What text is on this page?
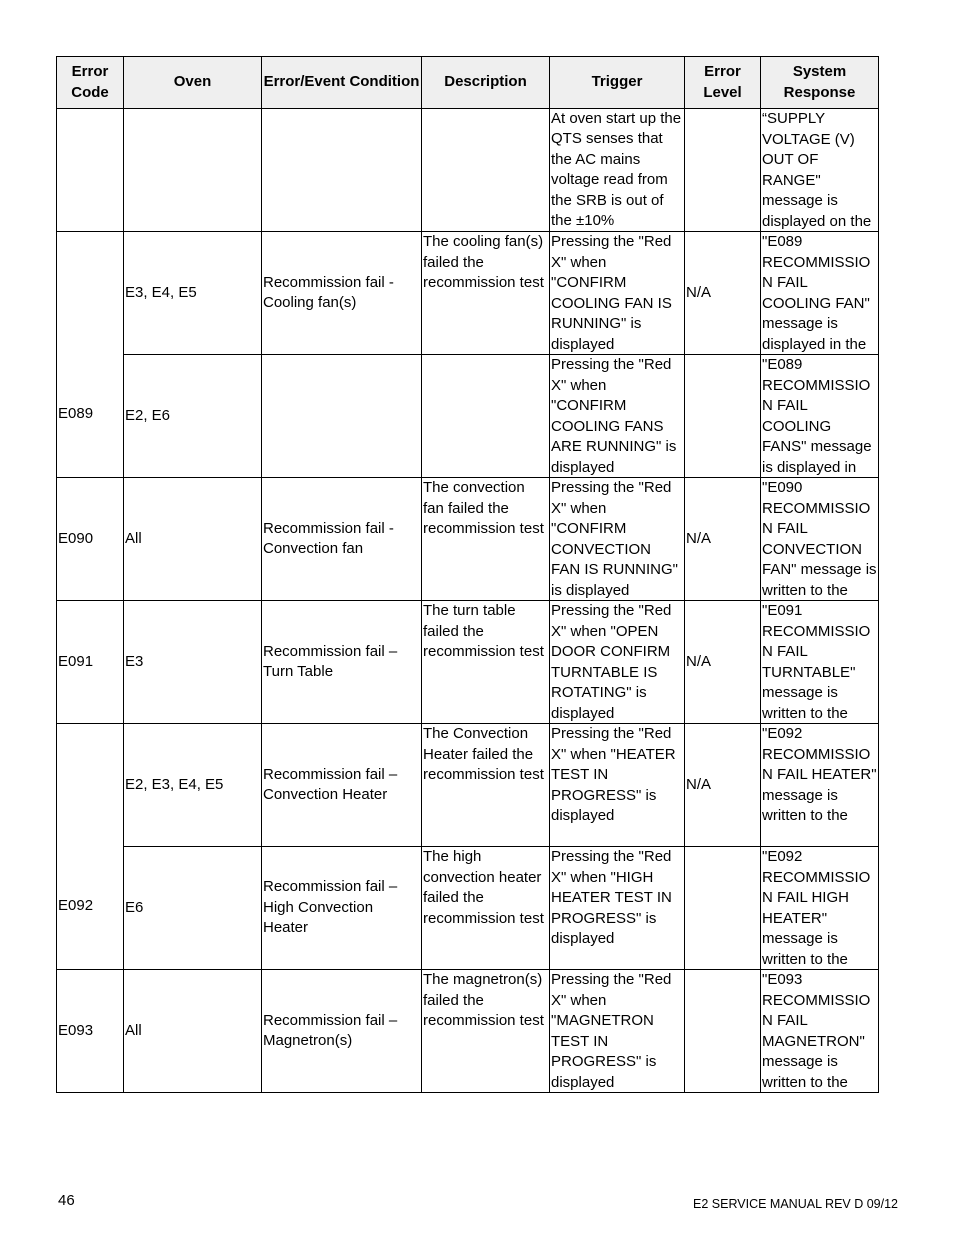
Error Code	Oven	Error/Event Condition	Description	Trigger	Error Level	System Response

At oven start up the QTS senses that the AC mains voltage read from the SRB is out of the ±10%		“SUPPLY VOLTAGE (V) OUT OF RANGE" message is displayed on the

E089	E3, E4, E5	Recommission fail - Cooling fan(s)	The cooling fan(s) failed the recommission test	Pressing the "Red X" when "CONFIRM COOLING FAN IS RUNNING" is displayed	N/A	"E089 RECOMMISSIO N FAIL COOLING FAN" message is displayed in the

E2, E6			Pressing the "Red X" when "CONFIRM COOLING FANS ARE RUNNING" is displayed		"E089 RECOMMISSIO N FAIL COOLING FANS" message is displayed in

E090	All	Recommission fail - Convection fan	The convection fan failed the recommission test	Pressing the "Red X" when "CONFIRM CONVECTION FAN IS RUNNING" is displayed	N/A	"E090 RECOMMISSIO N FAIL CONVECTION FAN" message is written to the

E091	E3	Recommission fail – Turn Table	The turn table failed the recommission test	Pressing the "Red X" when "OPEN DOOR CONFIRM TURNTABLE IS ROTATING" is displayed	N/A	"E091 RECOMMISSIO N FAIL TURNTABLE" message is written to the

E092	E2, E3, E4, E5	Recommission fail – Convection Heater	The Convection Heater failed the recommission test	Pressing the "Red X" when "HEATER TEST IN PROGRESS" is displayed	N/A	"E092 RECOMMISSIO N FAIL HEATER" message is written to the

E6	Recommission fail – High Convection Heater	The high convection heater failed the recommission test	Pressing the "Red X" when "HIGH HEATER TEST IN PROGRESS" is displayed		"E092 RECOMMISSIO N FAIL HIGH HEATER" message is written to the

E093	All	Recommission fail – Magnetron(s)	The magnetron(s) failed the recommission test	Pressing the "Red X" when "MAGNETRON TEST IN PROGRESS" is displayed		"E093 RECOMMISSIO N FAIL MAGNETRON" message is written to the
46	E2 SERVICE MANUAL REV D 09/12
